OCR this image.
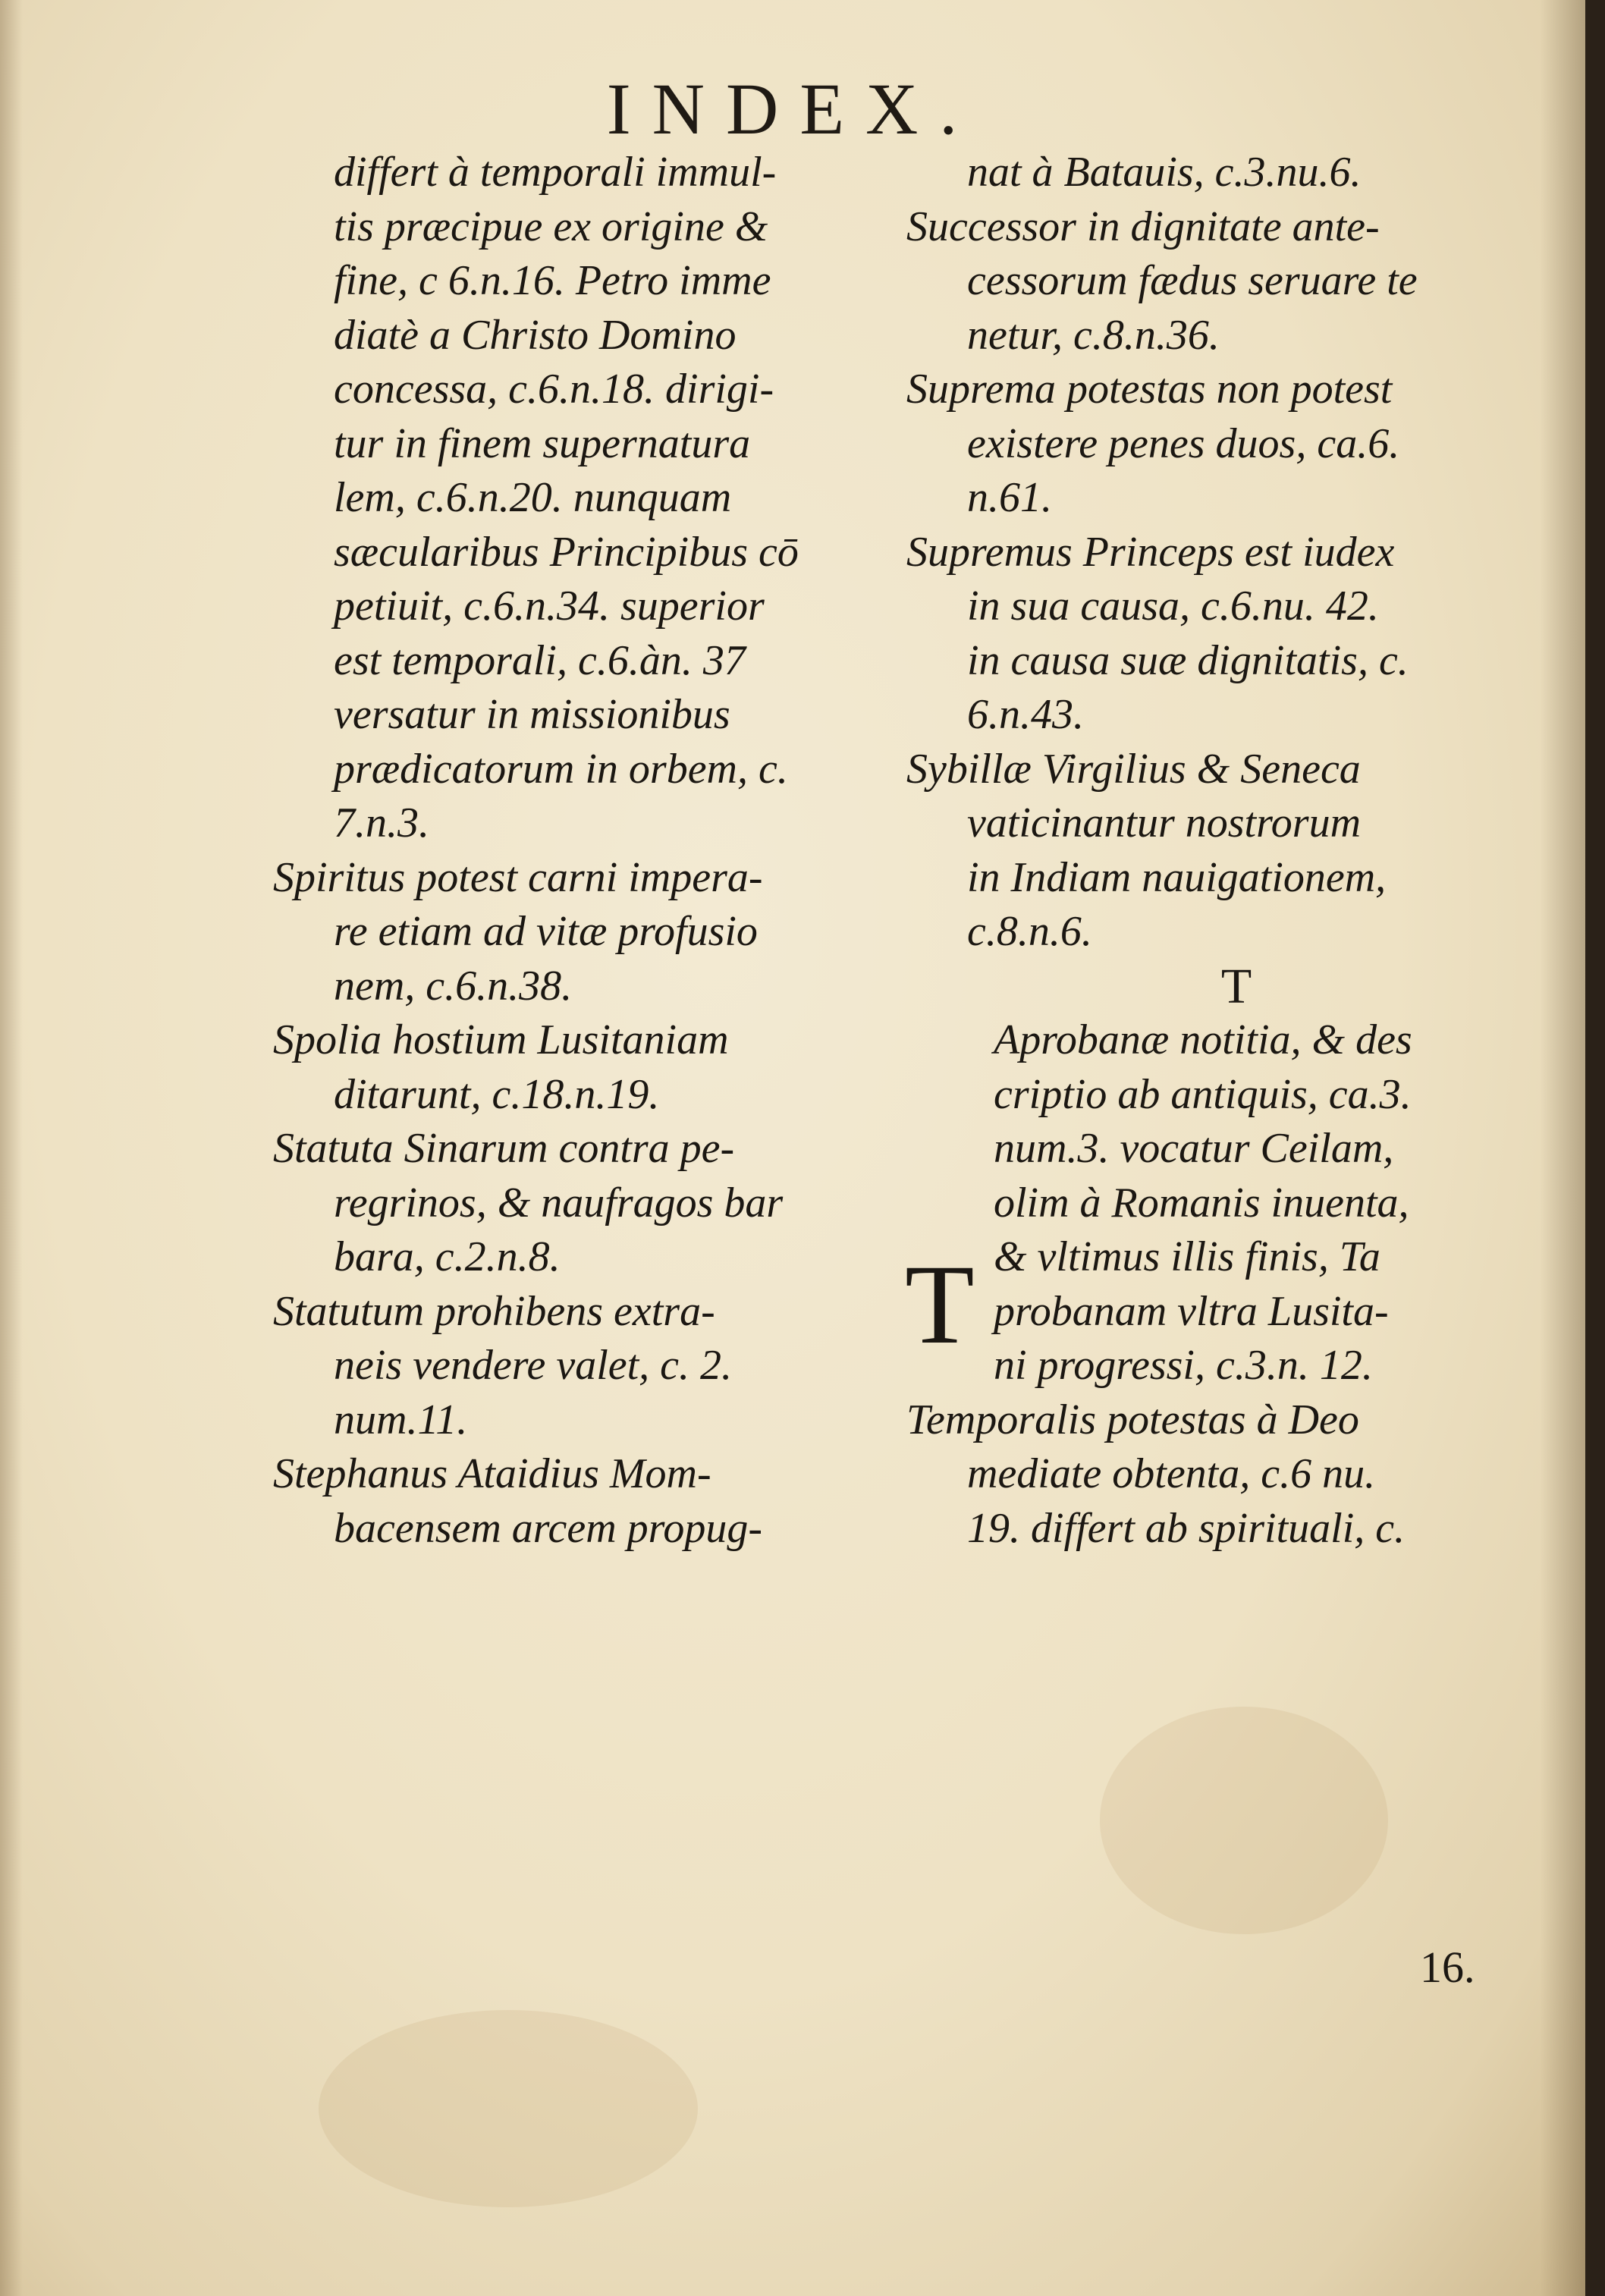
INDEX.
differt à temporali immul-
tis præcipue ex origine &
fine, c 6.n.16. Petro imme
diatè a Christo Domino
concessa, c.6.n.18. dirigi-
tur in finem supernatura
lem, c.6.n.20. nunquam
sæcularibus Principibus cō
petiuit, c.6.n.34. superior
est temporali, c.6.àn. 37
versatur in missionibus
prædicatorum in orbem, c.
7.n.3.
Spiritus potest carni impera-
re etiam ad vitæ profusio
nem, c.6.n.38.
Spolia hostium Lusitaniam
ditarunt, c.18.n.19.
Statuta Sinarum contra pe-
regrinos, & naufragos bar
bara, c.2.n.8.
Statutum prohibens extra-
neis vendere valet, c. 2.
num.11.
Stephanus Ataidius Mom-
bacensem arcem propug-
nat à Batauis, c.3.nu.6.
Successor in dignitate ante-
cessorum fædus seruare te
netur, c.8.n.36.
Suprema potestas non potest
existere penes duos, ca.6.
n.61.
Supremus Princeps est iudex
in sua causa, c.6.nu. 42.
in causa suæ dignitatis, c.
6.n.43.
Sybillæ Virgilius & Seneca
vaticinantur nostrorum
in Indiam nauigationem,
c.8.n.6.
T
Aprobanæ notitia, & des
criptio ab antiquis, ca.3.
num.3. vocatur Ceilam,
olim à Romanis inuenta,
& vltimus illis finis, Ta
probanam vltra Lusita-
ni progressi, c.3.n. 12.
Temporalis potestas à Deo
mediate obtenta, c.6 nu.
19. differt ab spirituali, c.
T
16.
